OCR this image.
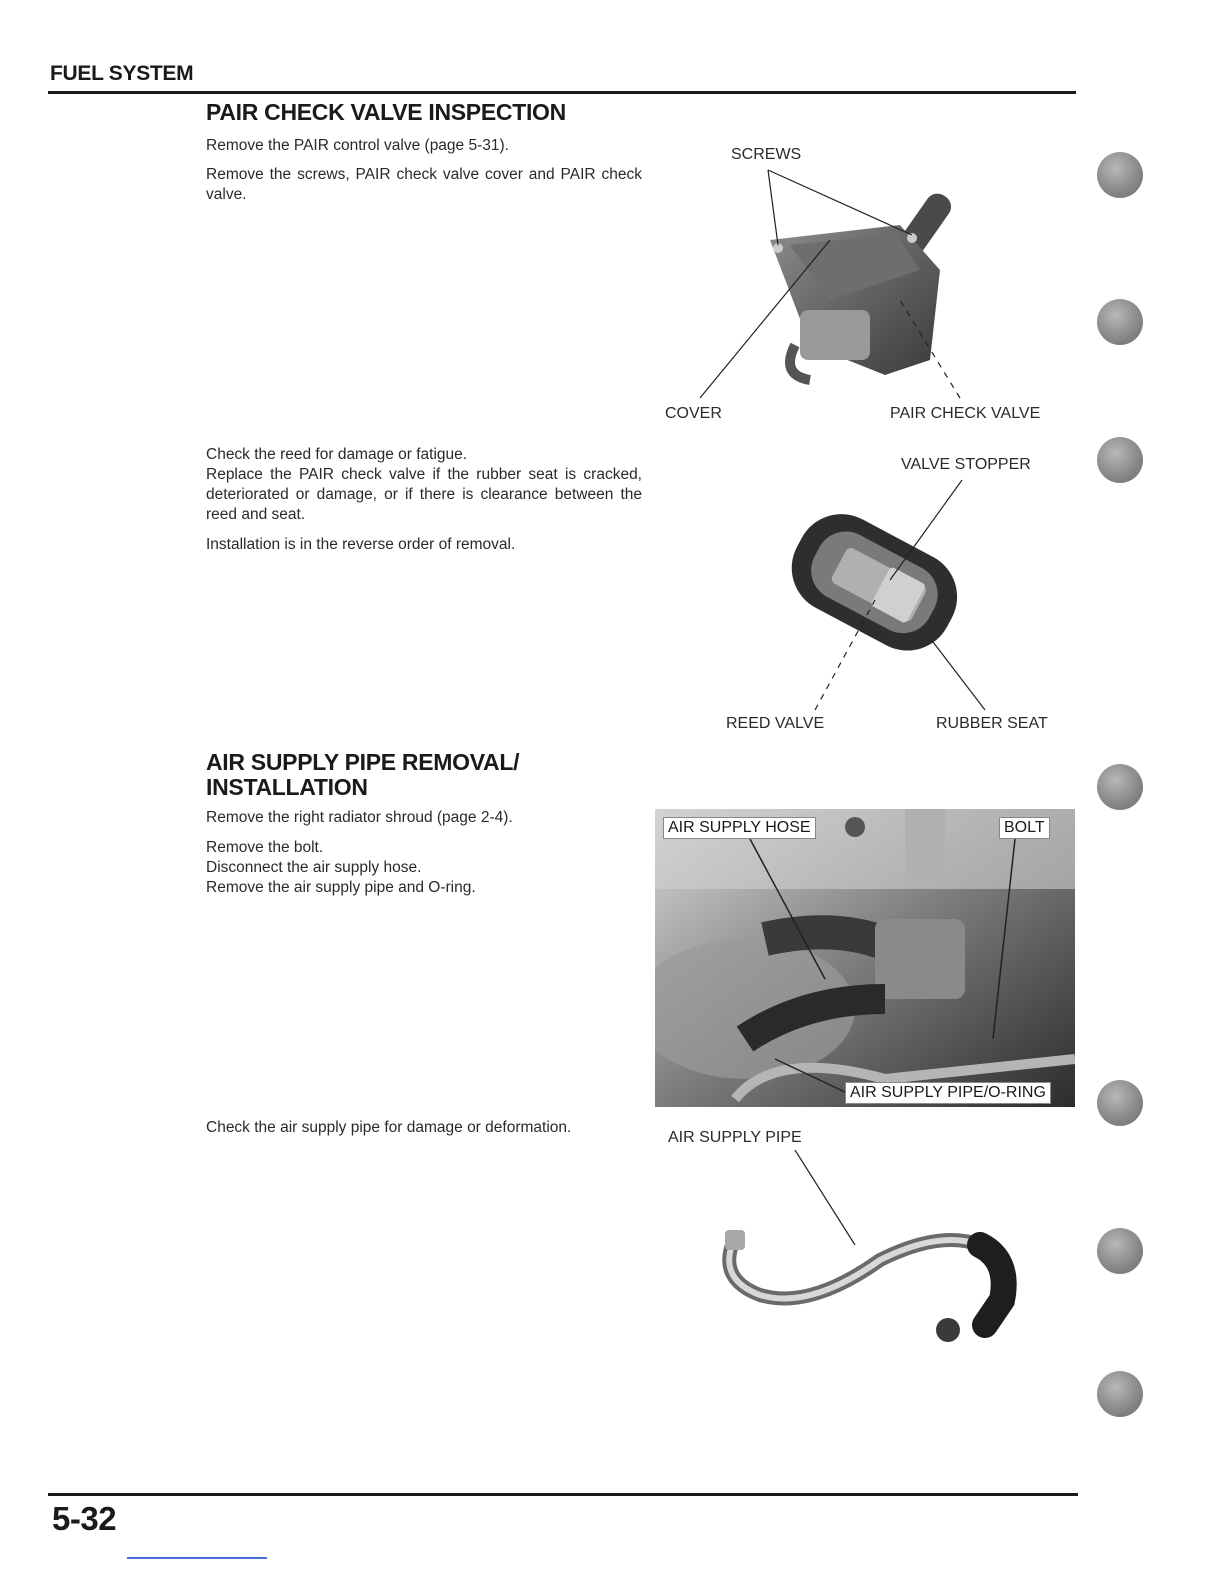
FUEL SYSTEM
PAIR CHECK VALVE INSPECTION
Remove the PAIR control valve (page 5-31).
Remove the screws, PAIR check valve cover and PAIR check valve.
Check the reed for damage or fatigue.
Replace the PAIR check valve if the rubber seat is cracked, deteriorated or damage, or if there is clearance between the reed and seat.
Installation is in the reverse order of removal.
AIR SUPPLY PIPE REMOVAL/
INSTALLATION
Remove the right radiator shroud (page 2-4).
Remove the bolt.
Disconnect the air supply hose.
Remove the air supply pipe and O-ring.
Check the air supply pipe for damage or deformation.
SCREWS
COVER	PAIR CHECK VALVE
VALVE STOPPER
REED VALVE	RUBBER SEAT
AIR SUPPLY HOSE	BOLT
AIR SUPPLY PIPE/O-RING
AIR SUPPLY PIPE
5-32
